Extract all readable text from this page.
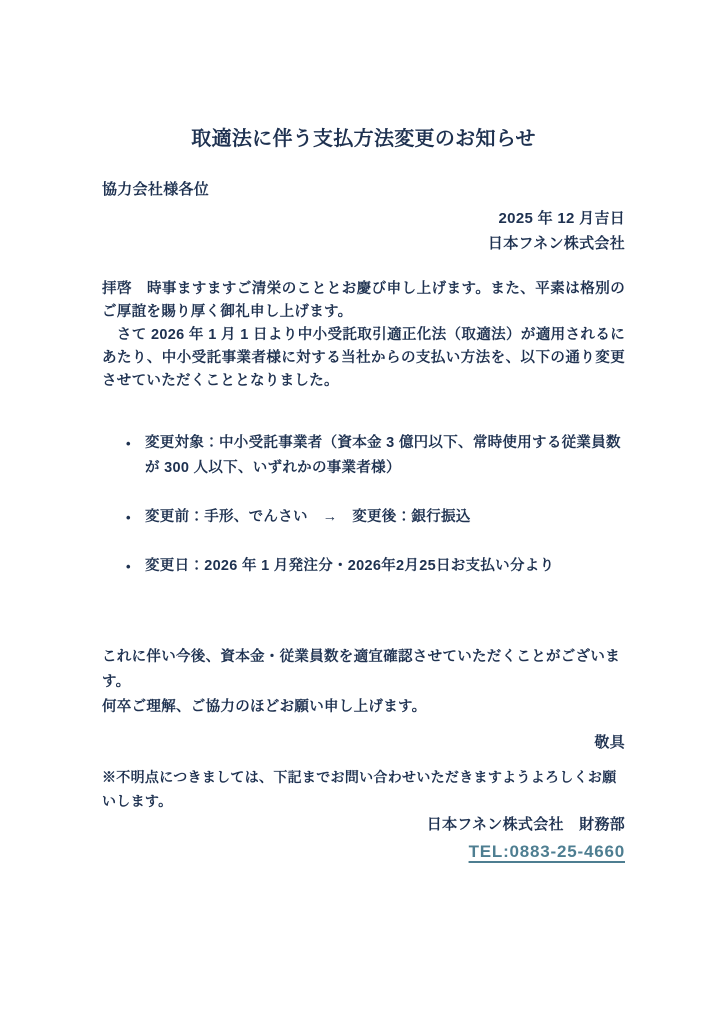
取適法に伴う支払方法変更のお知らせ
協力会社様各位
2025 年 12 月吉日
日本フネン株式会社

拝啓　時事ますますご清栄のこととお慶び申し上げます。また、平素は格別のご厚誼を賜り厚く御礼申し上げます。

　さて 2026 年 1 月 1 日より中小受託取引適正化法（取適法）が適用されるにあたり、中小受託事業者様に対する当社からの支払い方法を、以下の通り変更させていただくこととなりました。

• 変更対象：中小受託事業者（資本金 3 億円以下、常時使用する従業員数が 300 人以下、いずれかの事業者様）
• 変更前：手形、でんさい　→　変更後：銀行振込
• 変更日：2026 年 1 月発注分・2026年2月25日お支払い分より

これに伴い今後、資本金・従業員数を適宜確認させていただくことがございます。

何卒ご理解、ご協力のほどお願い申し上げます。

敬具
※不明点につきましては、下記までお問い合わせいただきますようよろしくお願いします。
日本フネン株式会社　財務部
TEL:0883-25-4660
